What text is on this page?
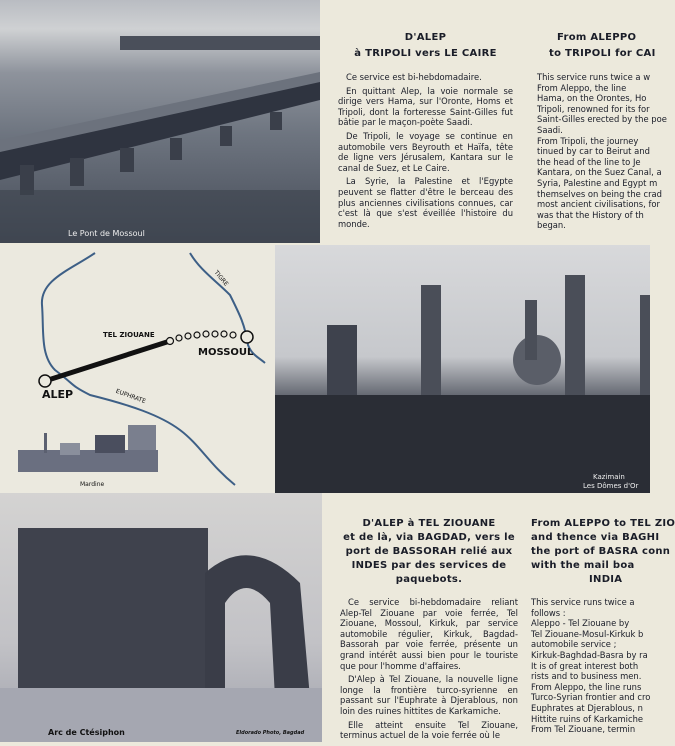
Le Pont de Mossoul
D'ALEP
à TRIPOLI vers LE CAIRE

Ce service est bi-hebdomadaire.

En quittant Alep, la voie normale se dirige vers Hama, sur l'Oronte, Homs et Tripoli, dont la forteresse Saint-Gilles fut bâtie par le maçon-poète Saadi.

De Tripoli, le voyage se continue en automobile vers Beyrouth et Haïfa, tête de ligne vers Jérusalem, Kantara sur le canal de Suez, et Le Caire.

La Syrie, la Palestine et l'Egypte peuvent se flatter d'être le berceau des plus anciennes civilisations connues, car c'est là que s'est éveillée l'histoire du monde.

From ALEPPO
to TRIPOLI for CAI
This service runs twice a w
From Aleppo, the line
Hama, on the Orontes, Ho
Tripoli, renowned for its for
Saint-Gilles erected by the poe
Saadi.
From Tripoli, the journey
tinued by car to Beirut and
the head of the line to Je
Kantara, on the Suez Canal, a
Syria, Palestine and Egypt m
themselves on being the crad
most ancient civilisations, for
was that the History of th
began.
ALEP
TEL ZIOUANE
MOSSOUL
TIGRE
EUPHRATE
Mardine
Kazimain
Les Dômes d'Or
Arc de Ctésiphon	Eldorado Photo, Bagdad
D'ALEP à TEL ZIOUANE
et de là, via BAGDAD, vers le
port de BASSORAH relié aux
INDES par des services de
paquebots.

Ce service bi-hebdomadaire reliant Alep-Tel Ziouane par voie ferrée, Tel Ziouane, Mossoul, Kirkuk, par service automobile régulier, Kirkuk, Bagdad-Bassorah par voie ferrée, présente un grand intérêt aussi bien pour le touriste que pour l'homme d'affaires.

D'Alep à Tel Ziouane, la nouvelle ligne longe la frontière turco-syrienne en passant sur l'Euphrate à Djerablous, non loin des ruines hittites de Karkamiche.

Elle atteint ensuite Tel Ziouane, terminus actuel de la voie ferrée où le

From ALEPPO to TEL ZIO
and thence via BAGHI
the port of BASRA conn
with the mail boa
INDIA
This service runs twice a
follows :
Aleppo - Tel Ziouane by
Tel Ziouane-Mosul-Kirkuk b
automobile service ;
Kirkuk-Baghdad-Basra by ra
It is of great interest both
rists and to business men.
From Aleppo, the line runs
Turco-Syrian frontier and cro
Euphrates at Djerablous, n
Hittite ruins of Karkamiche
From Tel Ziouane, termin
